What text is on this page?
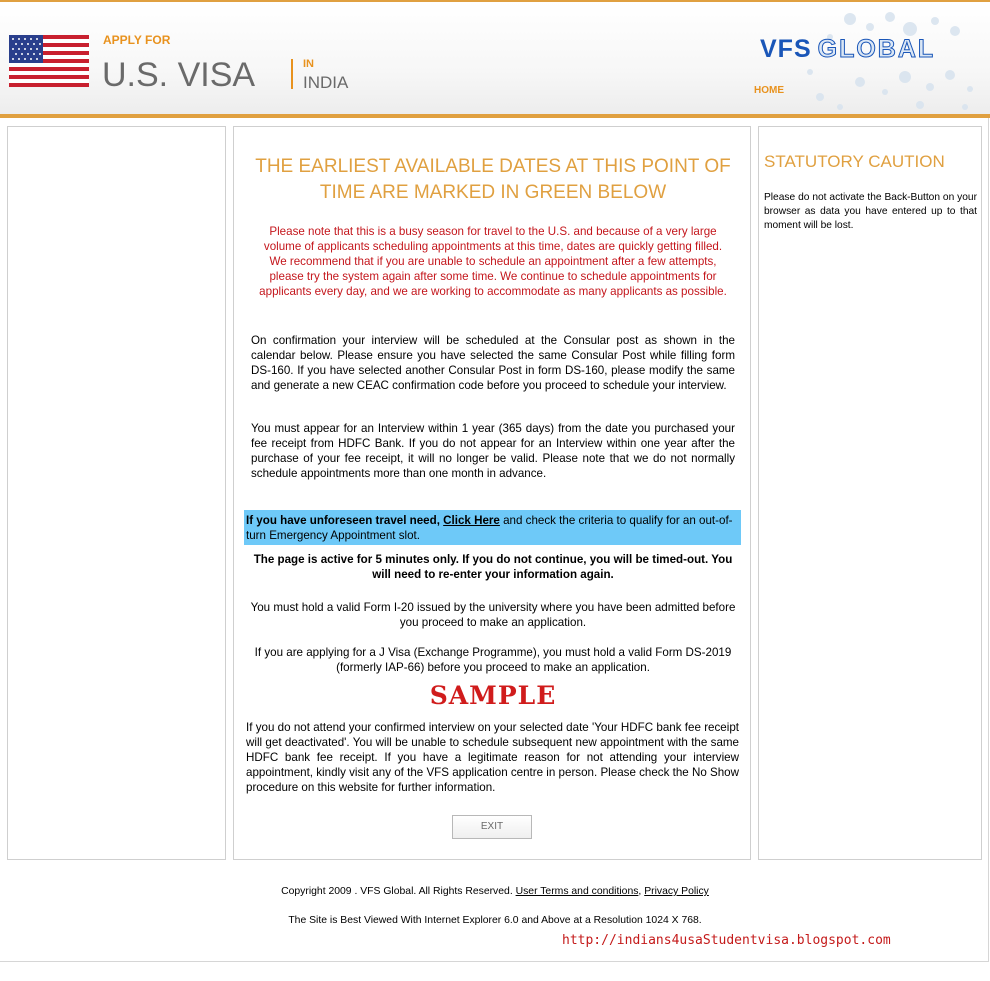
APPLY FOR
U.S. VISA	IN
INDIA
VFS GLOBAL
HOME
THE EARLIEST AVAILABLE DATES AT THIS POINT OF TIME ARE MARKED IN GREEN BELOW
Please note that this is a busy season for travel to the U.S. and because of a very large volume of applicants scheduling appointments at this time, dates are quickly getting filled. We recommend that if you are unable to schedule an appointment after a few attempts, please try the system again after some time. We continue to schedule appointments for applicants every day, and we are working to accommodate as many applicants as possible.
On confirmation your interview will be scheduled at the Consular post as shown in the calendar below. Please ensure you have selected the same Consular Post while filling form DS-160. If you have selected another Consular Post in form DS-160, please modify the same and generate a new CEAC confirmation code before you proceed to schedule your interview.
You must appear for an Interview within 1 year (365 days) from the date you purchased your fee receipt from HDFC Bank. If you do not appear for an Interview within one year after the purchase of your fee receipt, it will no longer be valid. Please note that we do not normally schedule appointments more than one month in advance.
If you have unforeseen travel need, Click Here and check the criteria to qualify for an out-of-turn Emergency Appointment slot.
The page is active for 5 minutes only. If you do not continue, you will be timed-out. You will need to re-enter your information again.
You must hold a valid Form I-20 issued by the university where you have been admitted before you proceed to make an application.
If you are applying for a J Visa (Exchange Programme), you must hold a valid Form DS-2019 (formerly IAP-66) before you proceed to make an application.
SAMPLE
If you do not attend your confirmed interview on your selected date 'Your HDFC bank fee receipt will get deactivated'. You will be unable to schedule subsequent new appointment with the same HDFC bank fee receipt. If you have a legitimate reason for not attending your interview appointment, kindly visit any of the VFS application centre in person. Please check the No Show procedure on this website for further information.
EXIT
STATUTORY CAUTION
Please do not activate the Back-Button on your browser as data you have entered up to that moment will be lost.
Copyright 2009 . VFS Global. All Rights Reserved. User Terms and conditions, Privacy Policy
The Site is Best Viewed With Internet Explorer 6.0 and Above at a Resolution 1024 X 768.
http://indians4usaStudentvisa.blogspot.com
